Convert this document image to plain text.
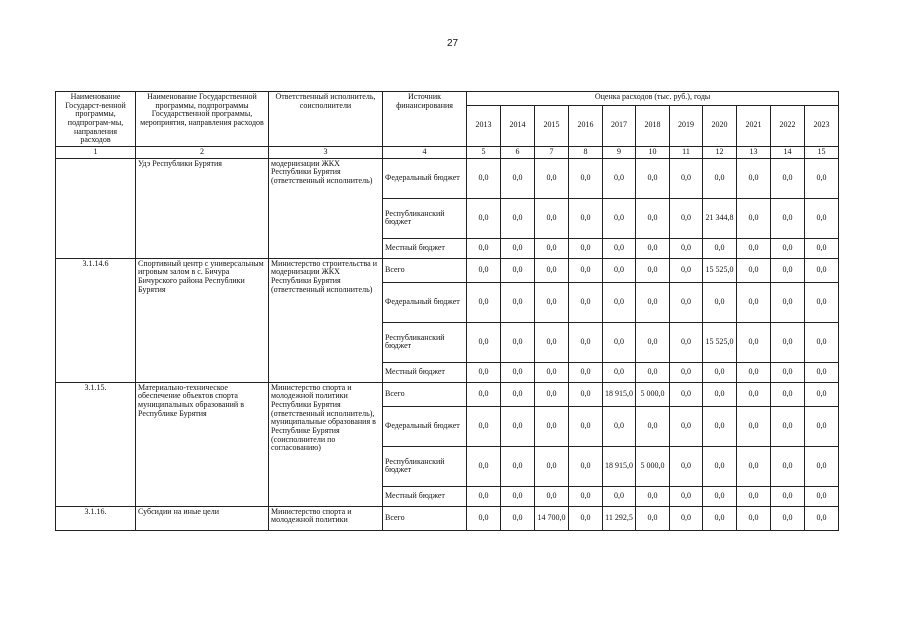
27
Наименование Государст-венной программы, подпрограм-мы, направления расходов	Наименование Государственной программы, подпрограммы Государственной программы, мероприятия, направления расходов	Ответственный исполнитель, соисполнители	Источник финансирования	Оценка расходов (тыс. руб.), годы										
				2013	2014	2015	2016	2017	2018	2019	2020	2021	2022	2023
1	2	3	4	5	6	7	8	9	10	11	12	13	14	15
	Удэ Республики Бурятия	модернизации ЖКХ Республики Бурятия (ответственный исполнитель)	Федеральный бюджет	0,0	0,0	0,0	0,0	0,0	0,0	0,0	0,0	0,0	0,0	0,0
			Республиканский бюджет	0,0	0,0	0,0	0,0	0,0	0,0	0,0	21 344,8	0,0	0,0	0,0
			Местный бюджет	0,0	0,0	0,0	0,0	0,0	0,0	0,0	0,0	0,0	0,0	0,0
3.1.14.6	Спортивный центр с универсальным игровым залом в с. Бичура Бичурского района Республики Бурятия	Министерство строительства и модернизации ЖКХ Республики Бурятия (ответственный исполнитель)	Всего	0,0	0,0	0,0	0,0	0,0	0,0	0,0	15 525,0	0,0	0,0	0,0
			Федеральный бюджет	0,0	0,0	0,0	0,0	0,0	0,0	0,0	0,0	0,0	0,0	0,0
			Республиканский бюджет	0,0	0,0	0,0	0,0	0,0	0,0	0,0	15 525,0	0,0	0,0	0,0
			Местный бюджет	0,0	0,0	0,0	0,0	0,0	0,0	0,0	0,0	0,0	0,0	0,0
3.1.15.	Материально-техническое обеспечение объектов спорта муниципальных образований в Республике Бурятия	Министерство спорта и молодежной политики Республики Бурятия (ответственный исполнитель), муниципальные образования в Республике Бурятия (соисполнители по согласованию)	Всего	0,0	0,0	0,0	0,0	18 915,0	5 000,0	0,0	0,0	0,0	0,0	0,0
			Федеральный бюджет	0,0	0,0	0,0	0,0	0,0	0,0	0,0	0,0	0,0	0,0	0,0
			Республиканский бюджет	0,0	0,0	0,0	0,0	18 915,0	5 000,0	0,0	0,0	0,0	0,0	0,0
			Местный бюджет	0,0	0,0	0,0	0,0	0,0	0,0	0,0	0,0	0,0	0,0	0,0
3.1.16.	Субсидии на иные цели	Министерство спорта и молодежной политики	Всего	0,0	0,0	14 700,0	0,0	11 292,5	0,0	0,0	0,0	0,0	0,0	0,0
